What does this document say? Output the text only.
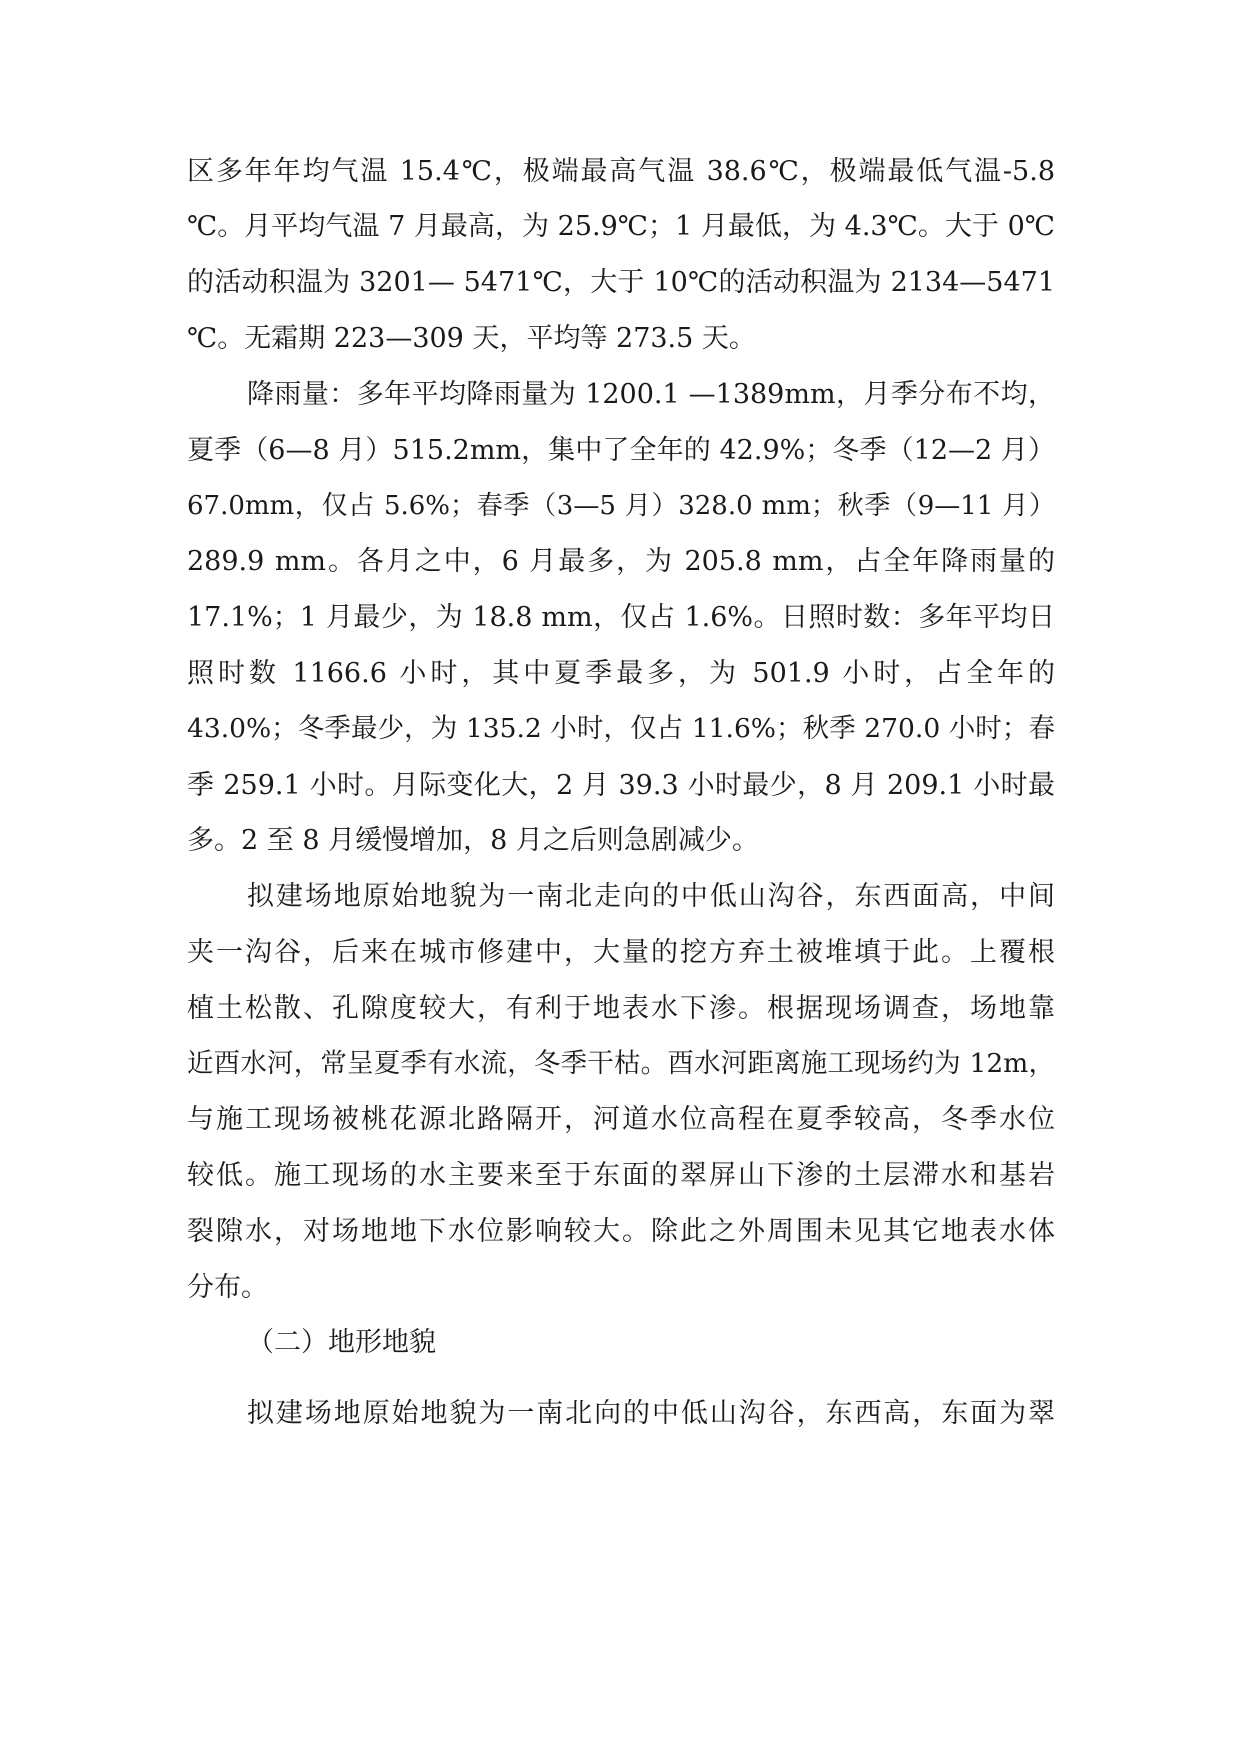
区多年年均气温 15.4℃，极端最高气温 38.6℃，极端最低气温-5.8
℃。月平均气温 7 月最高，为 25.9℃；1 月最低，为 4.3℃。大于 0℃
的活动积温为 3201— 5471℃，大于 10℃的活动积温为 2134—5471
℃。无霜期 223—309 天，平均等 273.5 天。
降雨量：多年平均降雨量为 1200.1 —1389mm，月季分布不均，
夏季（6—8 月）515.2mm，集中了全年的 42.9%；冬季（12—2 月）
67.0mm，仅占 5.6%；春季（3—5 月）328.0 mm；秋季（9—11 月）
289.9 mm。各月之中，6 月最多，为 205.8 mm，占全年降雨量的
17.1%；1 月最少，为 18.8 mm，仅占 1.6%。日照时数：多年平均日
照时数 1166.6 小时，其中夏季最多，为 501.9 小时，占全年的
43.0%；冬季最少，为 135.2 小时，仅占 11.6%；秋季 270.0 小时；春
季 259.1 小时。月际变化大，2 月 39.3 小时最少，8 月 209.1 小时最
多。2 至 8 月缓慢增加，8 月之后则急剧减少。
拟建场地原始地貌为一南北走向的中低山沟谷，东西面高，中间
夹一沟谷，后来在城市修建中，大量的挖方弃土被堆填于此。上覆根
植土松散、孔隙度较大，有利于地表水下渗。根据现场调查，场地靠
近酉水河，常呈夏季有水流，冬季干枯。酉水河距离施工现场约为 12m，
与施工现场被桃花源北路隔开，河道水位高程在夏季较高，冬季水位
较低。施工现场的水主要来至于东面的翠屏山下渗的土层滞水和基岩
裂隙水，对场地地下水位影响较大。除此之外周围未见其它地表水体
分布。
（二）地形地貌
拟建场地原始地貌为一南北向的中低山沟谷，东西高，东面为翠
